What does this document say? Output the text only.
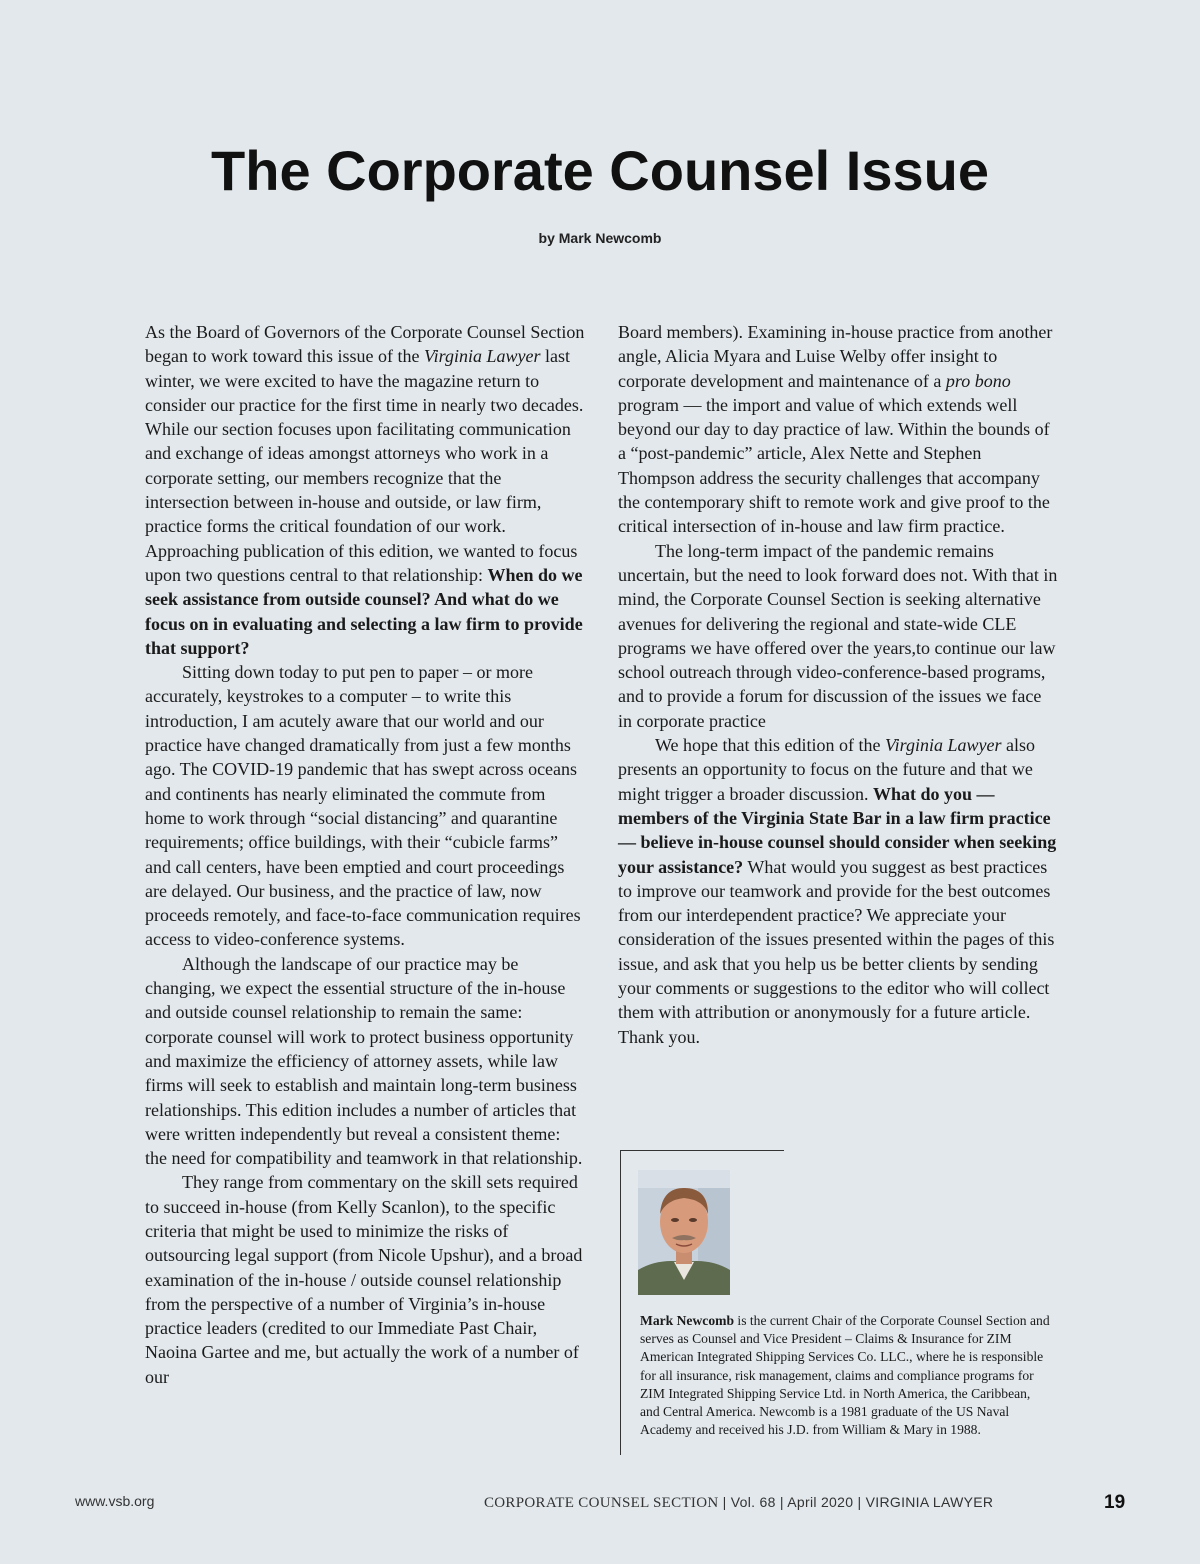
The Corporate Counsel Issue
by Mark Newcomb

As the Board of Governors of the Corporate Counsel Section began to work toward this issue of the Virginia Lawyer last winter, we were excited to have the magazine return to consider our practice for the first time in nearly two decades. While our section focuses upon facilitating communication and exchange of ideas amongst attorneys who work in a corporate setting, our members recognize that the intersection between in-house and outside, or law firm, practice forms the critical foundation of our work. Approaching publication of this edition, we wanted to focus upon two questions central to that relationship: When do we seek assistance from outside counsel? And what do we focus on in evaluating and selecting a law firm to provide that support?

Sitting down today to put pen to paper – or more accurately, keystrokes to a computer – to write this introduction, I am acutely aware that our world and our practice have changed dramatically from just a few months ago. The COVID-19 pandemic that has swept across oceans and continents has nearly eliminated the commute from home to work through “social distancing” and quarantine requirements; office buildings, with their “cubicle farms” and call centers, have been emptied and court proceedings are delayed. Our business, and the practice of law, now proceeds remotely, and face-to-face communication requires access to video-conference systems.

Although the landscape of our practice may be changing, we expect the essential structure of the in-house and outside counsel relationship to remain the same: corporate counsel will work to protect business opportunity and maximize the efficiency of attorney assets, while law firms will seek to establish and maintain long-term business relationships. This edition includes a number of articles that were written independently but reveal a consistent theme: the need for compatibility and teamwork in that relationship.

They range from commentary on the skill sets required to succeed in-house (from Kelly Scanlon), to the specific criteria that might be used to minimize the risks of outsourcing legal support (from Nicole Upshur), and a broad examination of the in-house / outside counsel relationship from the perspective of a number of Virginia’s in-house practice leaders (credited to our Immediate Past Chair, Naoina Gartee and me, but actually the work of a number of our

Board members). Examining in-house practice from another angle, Alicia Myara and Luise Welby offer insight to corporate development and maintenance of a pro bono program — the import and value of which extends well beyond our day to day practice of law. Within the bounds of a “post-pandemic” article, Alex Nette and Stephen Thompson address the security challenges that accompany the contemporary shift to remote work and give proof to the critical intersection of in-house and law firm practice.

The long-term impact of the pandemic remains uncertain, but the need to look forward does not. With that in mind, the Corporate Counsel Section is seeking alternative avenues for delivering the regional and state-wide CLE programs we have offered over the years,to continue our law school outreach through video-conference-based programs, and to provide a forum for discussion of the issues we face in corporate practice

We hope that this edition of the Virginia Lawyer also presents an opportunity to focus on the future and that we might trigger a broader discussion. What do you — members of the Virginia State Bar in a law firm practice — believe in-house counsel should consider when seeking your assistance? What would you suggest as best practices to improve our teamwork and provide for the best outcomes from our interdependent practice? We appreciate your consideration of the issues presented within the pages of this issue, and ask that you help us be better clients by sending your comments or suggestions to the editor who will collect them with attribution or anonymously for a future article. Thank you.

Mark Newcomb is the current Chair of the Corporate Counsel Section and serves as Counsel and Vice President – Claims & Insurance for ZIM American Integrated Shipping Services Co. LLC., where he is responsible for all insurance, risk management, claims and compliance programs for ZIM Integrated Shipping Service Ltd. in North America, the Caribbean, and Central America. Newcomb is a 1981 graduate of the US Naval Academy and received his J.D. from William & Mary in 1988.
www.vsb.org	CORPORATE COUNSEL SECTION | Vol. 68 | April 2020 | VIRGINIA LAWYER	19
